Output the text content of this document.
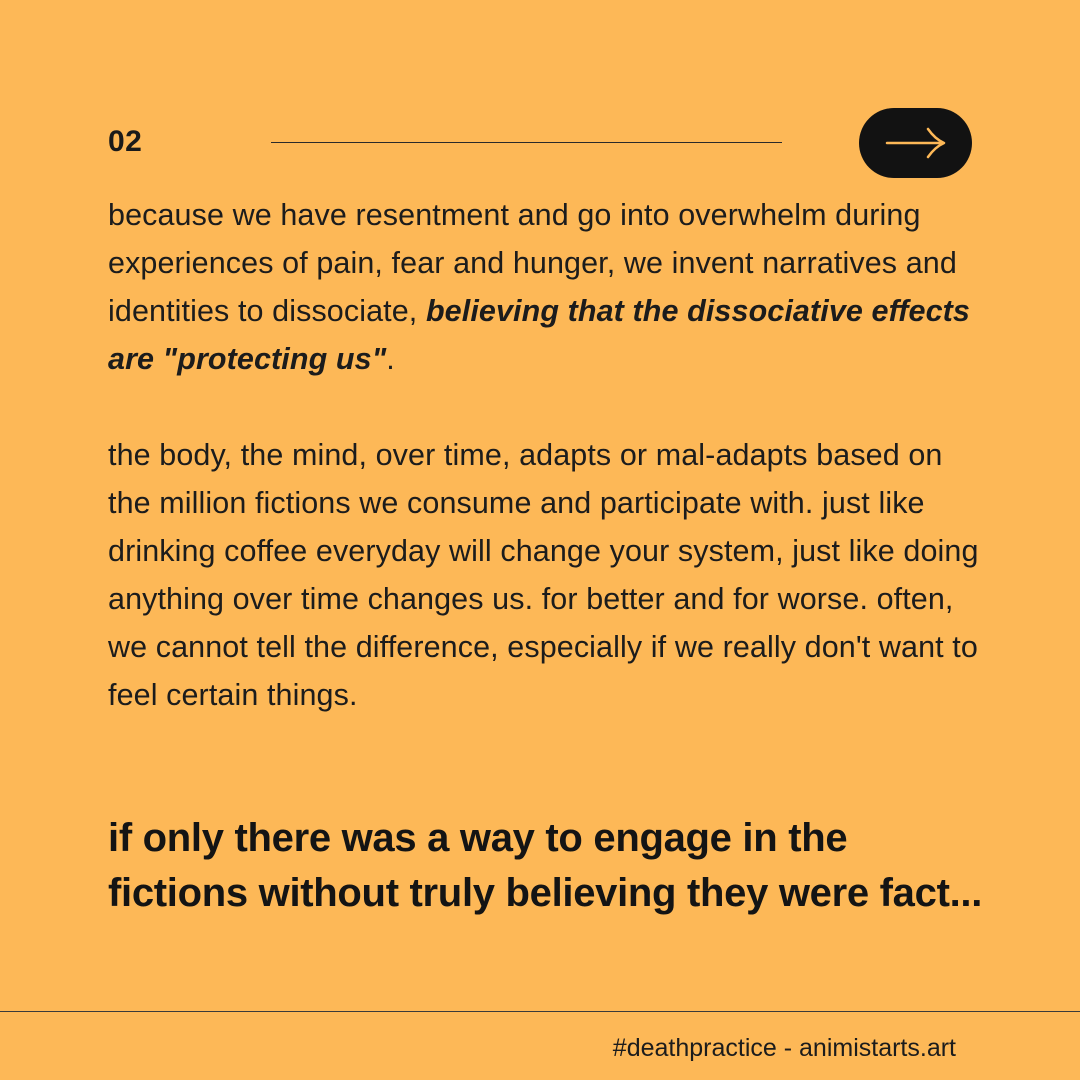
02

because we have resentment and go into overwhelm during experiences of pain, fear and hunger, we invent narratives and identities to dissociate, believing that the dissociative effects are "protecting us".

the body, the mind, over time, adapts or mal-adapts based on the million fictions we consume and participate with. just like drinking coffee everyday will change your system, just like doing anything over time changes us. for better and for worse. often, we cannot tell the difference, especially if we really don't want to feel certain things.

if only there was a way to engage in the fictions without truly believing they were fact...
#deathpractice - animistarts.art
